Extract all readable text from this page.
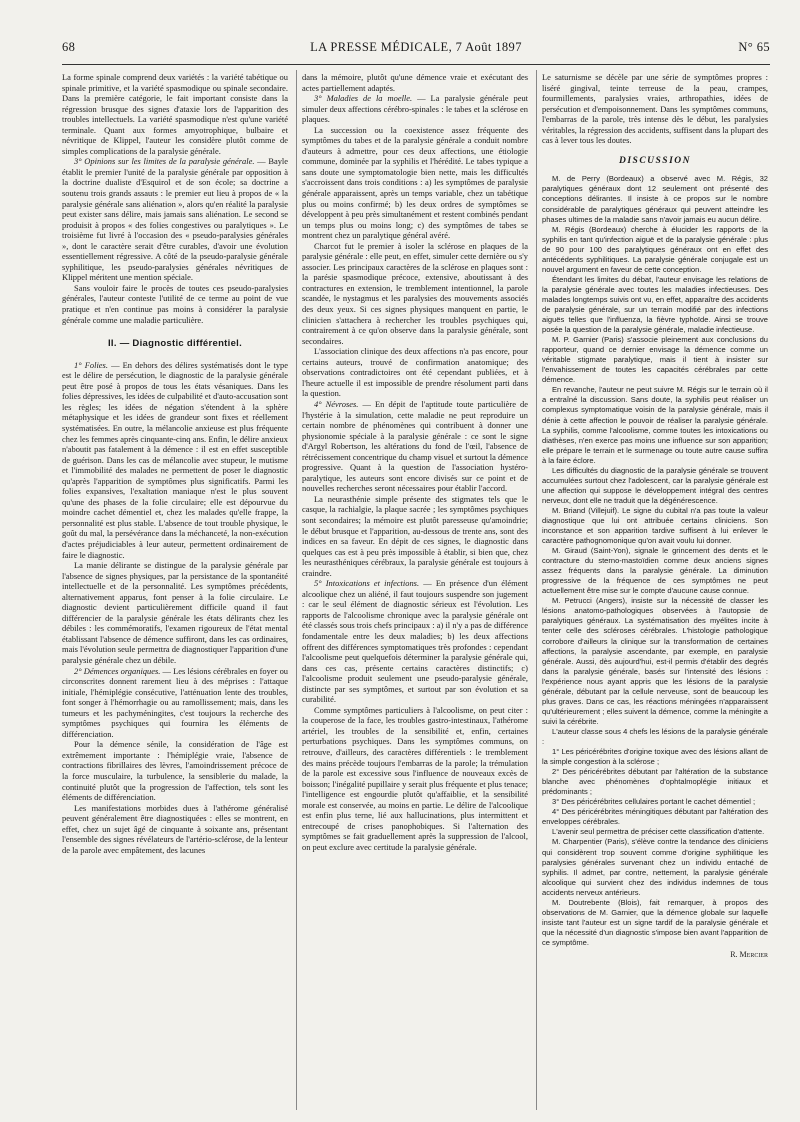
68	LA PRESSE MÉDICALE, 7 Août 1897	N° 65

La forme spinale comprend deux variétés : la variété tabétique ou spinale primitive, et la variété spasmodique ou spinale secondaire. Dans la première catégorie, le fait important consiste dans la régression brusque des signes d'ataxie lors de l'apparition des troubles intellectuels. La variété spasmodique n'est qu'une variété terminale. Quant aux formes amyotrophique, bulbaire et névritique de Klippel, l'auteur les considère plutôt comme de simples complications de la paralysie générale.

3° Opinions sur les limites de la paralysie générale. — Bayle établit le premier l'unité de la paralysie générale par opposition à la doctrine dualiste d'Esquirol et de son école; sa doctrine a soutenu trois grands assauts : le premier eut lieu à propos de « la paralysie générale sans aliénation », alors qu'en réalité la paralysie peut exister sans délire, mais jamais sans aliénation. Le second se produisit à propos « des folies congestives ou paralytiques ». Le troisième fut livré à l'occasion des « pseudo-paralysies générales », dont le caractère serait d'être curables, d'avoir une évolution essentiellement régressive. A côté de la pseudo-paralysie générale syphilitique, les pseudo-paralysies générales névritiques de Klippel méritent une mention spéciale.

Sans vouloir faire le procès de toutes ces pseudo-paralysies générales, l'auteur conteste l'utilité de ce terme au point de vue pratique et n'en continue pas moins à considérer la paralysie générale comme une maladie particulière.

II. — Diagnostic différentiel.

1° Folies. — En dehors des délires systématisés dont le type est le délire de persécution, le diagnostic de la paralysie générale peut être posé à propos de tous les états vésaniques. Dans les folies dépressives, les idées de culpabilité et d'auto-accusation sont les règles; les idées de négation s'étendent à la sphère métaphysique et les idées de grandeur sont fixes et réellement systématisées. En outre, la mélancolie anxieuse est plus fréquente chez les femmes après cinquante-cinq ans. Enfin, le délire anxieux n'aboutit pas fatalement à la démence : il est en effet susceptible de guérison. Dans les cas de mélancolie avec stupeur, le mutisme et l'immobilité des malades ne permettent de poser le diagnostic qu'après l'apparition de symptômes plus significatifs. Parmi les folies expansives, l'exaltation maniaque n'est le plus souvent qu'une des phases de la folie circulaire; elle est dépourvue du moindre cachet démentiel et, chez les malades qu'elle frappe, la personnalité est plus stable. L'absence de tout trouble physique, le goût du mal, la persévérance dans la méchanceté, la non-exécution d'actes préjudiciables à leur auteur, permettent ordinairement de faire le diagnostic.

La manie délirante se distingue de la paralysie générale par l'absence de signes physiques, par la persistance de la spontanéité intellectuelle et de la personnalité. Les symptômes précédents, alternativement apparus, font penser à la folie circulaire. Le diagnostic devient particulièrement difficile quand il faut différencier de la paralysie générale les états délirants chez les débiles : les commémoratifs, l'examen rigoureux de l'état mental établissant l'absence de démence suffiront, dans les cas ordinaires, mais l'évolution seule permettra de diagnostiquer l'apparition d'une paralysie générale chez un débile.

2° Démences organiques. — Les lésions cérébrales en foyer ou circonscrites donnent rarement lieu à des méprises : l'attaque initiale, l'hémiplégie consécutive, l'atténuation lente des troubles, font songer à l'hémorrhagie ou au ramollissement; mais, dans les tumeurs et les pachyméningites, c'est toujours la recherche des symptômes psychiques qui fournira les éléments de différenciation.

Pour la démence sénile, la considération de l'âge est extrêmement importante : l'hémiplégie vraie, l'absence de contractions fibrillaires des lèvres, l'amoindrissement précoce de la force musculaire, la turbulence, la sensiblerie du malade, la continuité plutôt que la progression de l'affection, tels sont les éléments de différenciation.

Les manifestations morbides dues à l'athérome généralisé peuvent généralement être diagnostiquées : elles se montrent, en effet, chez un sujet âgé de cinquante à soixante ans, présentant l'ensemble des signes révélateurs de l'artério-sclérose, de la lenteur de la parole avec empâtement, des lacunes

dans la mémoire, plutôt qu'une démence vraie et exécutant des actes partiellement adaptés.

3° Maladies de la moelle. — La paralysie générale peut simuler deux affections cérébro-spinales : le tabes et la sclérose en plaques.

La succession ou la coexistence assez fréquente des symptômes du tabes et de la paralysie générale a conduit nombre d'auteurs à admettre, pour ces deux affections, une étiologie commune, dominée par la syphilis et l'hérédité. Le tabes typique a sans doute une symptomatologie bien nette, mais les difficultés s'accroissent dans trois conditions : a) les symptômes de paralysie générale apparaissent, après un temps variable, chez un tabétique plus ou moins confirmé; b) les deux ordres de symptômes se développent à peu près simultanément et restent combinés pendant un temps plus ou moins long; c) des symptômes de tabes se montrent chez un paralytique général avéré.

Charcot fut le premier à isoler la sclérose en plaques de la paralysie générale : elle peut, en effet, simuler cette dernière ou s'y associer. Les principaux caractères de la sclérose en plaques sont : la parésie spasmodique précoce, extensive, aboutissant à des contractures en extension, le tremblement intentionnel, la parole scandée, le nystagmus et les paralysies des mouvements associés des deux yeux. Si ces signes physiques manquent en partie, le clinicien s'attachera à rechercher les troubles psychiques qui, contrairement à ce qu'on observe dans la paralysie générale, sont secondaires.

L'association clinique des deux affections n'a pas encore, pour certains auteurs, trouvé de confirmation anatomique; des observations contradictoires ont été cependant publiées, et à l'heure actuelle il est impossible de prendre résolument parti dans la question.

4° Névroses. — En dépit de l'aptitude toute particulière de l'hystérie à la simulation, cette maladie ne peut reproduire un certain nombre de phénomènes qui contribuent à donner une physionomie spéciale à la paralysie générale : ce sont le signe d'Argyl Robertson, les altérations du fond de l'œil, l'absence de rétrécissement concentrique du champ visuel et surtout la démence progressive. Quant à la question de l'association hystéro-paralytique, les auteurs sont encore divisés sur ce point et de nouvelles recherches seront nécessaires pour établir l'accord.

La neurasthénie simple présente des stigmates tels que le casque, la rachialgie, la plaque sacrée ; les symptômes psychiques sont secondaires; la mémoire est plutôt paresseuse qu'amoindrie; le début brusque et l'apparition, au-dessous de trente ans, sont des indices en sa faveur. En dépit de ces signes, le diagnostic dans quelques cas est à peu près impossible à établir, si bien que, chez les neurasthéniques cérébraux, la paralysie générale est toujours à craindre.

5° Intoxications et infections. — En présence d'un élément alcoolique chez un aliéné, il faut toujours suspendre son jugement : car le seul élément de diagnostic sérieux est l'évolution. Les rapports de l'alcoolisme chronique avec la paralysie générale ont été classés sous trois chefs principaux : a) il n'y a pas de différence fondamentale entre les deux maladies; b) les deux affections offrent des différences symptomatiques très profondes : cependant l'alcoolisme peut quelquefois déterminer la paralysie générale qui, dans ces cas, présente certains caractères distinctifs; c) l'alcoolisme produit seulement une pseudo-paralysie générale, distincte par ses symptômes, et surtout par son évolution et sa curabilité.

Comme symptômes particuliers à l'alcoolisme, on peut citer : la couperose de la face, les troubles gastro-intestinaux, l'athérome artériel, les troubles de la sensibilité et, enfin, certaines perturbations psychiques. Dans les symptômes communs, on retrouve, d'ailleurs, des caractères différentiels : le tremblement des mains précède toujours l'embarras de la parole; la trémulation de la parole est excessive sous l'influence de nouveaux excès de boisson; l'inégalité pupillaire y serait plus fréquente et plus tenace; l'intelligence est engourdie plutôt qu'affaiblie, et la sensibilité morale est conservée, au moins en partie. Le délire de l'alcoolique est enfin plus terne, lié aux hallucinations, plus intermittent et entrecoupé de crises panophobiques. Si l'alternation des symptômes se fait graduellement après la suppression de l'alcool, on peut exclure avec certitude la paralysie générale.

Le saturnisme se décèle par une série de symptômes propres : liséré gingival, teinte terreuse de la peau, crampes, fourmillements, paralysies vraies, arthropathies, idées de persécution et d'empoisonnement. Dans les symptômes communs, l'embarras de la parole, très intense dès le début, les paralysies véritables, la régression des accidents, suffisent dans la plupart des cas à lever tous les doutes.

DISCUSSION

M. de Perry (Bordeaux) a observé avec M. Régis, 32 paralytiques généraux dont 12 seulement ont présenté des conceptions délirantes. Il insiste à ce propos sur le nombre considérable de paralytiques généraux qui peuvent atteindre les phases ultimes de la maladie sans n'avoir jamais eu aucun délire.

M. Régis (Bordeaux) cherche à élucider les rapports de la syphilis en tant qu'infection aiguë et de la paralysie générale : plus de 90 pour 100 des paralytiques généraux ont en effet des antécédents syphilitiques. La paralysie générale conjugale est un nouvel argument en faveur de cette conception.

Étendant les limites du débat, l'auteur envisage les relations de la paralysie générale avec toutes les maladies infectieuses. Des malades longtemps suivis ont vu, en effet, apparaître des accidents de paralysie générale, sur un terrain modifié par des infections aiguës telles que l'influenza, la fièvre typhoïde. Ainsi se trouve posée la question de la paralysie générale, maladie infectieuse.

M. P. Garnier (Paris) s'associe pleinement aux conclusions du rapporteur, quand ce dernier envisage la démence comme un véritable stigmate paralytique, mais il tient à insister sur l'envahissement de toutes les capacités cérébrales par cette démence.

En revanche, l'auteur ne peut suivre M. Régis sur le terrain où il a entraîné la discussion. Sans doute, la syphilis peut réaliser un complexus symptomatique voisin de la paralysie générale, mais il dénie à cette affection le pouvoir de réaliser la paralysie générale. La syphilis, comme l'alcoolisme, comme toutes les intoxications ou diathèses, n'en exerce pas moins une influence sur son apparition; elle prépare le terrain et le surmenage ou toute autre cause suffira à la faire éclore.

Les difficultés du diagnostic de la paralysie générale se trouvent accumulées surtout chez l'adolescent, car la paralysie générale est une affection qui suppose le développement intégral des centres nerveux, dont elle ne traduit que la dégénérescence.

M. Briand (Villejuif). Le signe du cubital n'a pas toute la valeur diagnostique que lui ont attribuée certains cliniciens. Son inconstance et son apparition tardive suffisent à lui enlever le caractère pathognomonique qu'on avait voulu lui donner.

M. Giraud (Saint-Yon), signale le grincement des dents et le contracture du sterno-mastoïdien comme deux anciens signes assez fréquents dans la paralysie générale. La diminution progressive de la fréquence de ces symptômes ne peut actuellement être mise sur le compte d'aucune cause connue.

M. Petrucci (Angers), insiste sur la nécessité de classer les lésions anatomo-pathologiques observées à l'autopsie de paralytiques généraux. La systématisation des myélites incite à tenter celle des scléroses cérébrales. L'histologie pathologique corrobore d'ailleurs la clinique sur la transformation de certaines affections, la paralysie ascendante, par exemple, en paralysie générale. Aussi, dès aujourd'hui, est-il permis d'établir des degrés dans la paralysie générale, basés sur l'intensité des lésions : l'expérience nous ayant appris que les lésions de la paralysie générale, débutant par la cellule nerveuse, sont de beaucoup les plus graves. Dans ce cas, les réactions méningées n'apparaissent qu'ultérieurement ; elles suivent la démence, comme la méningite a suivi la cérébrite.

L'auteur classe sous 4 chefs les lésions de la paralysie générale :

1° Les péricérébrites d'origine toxique avec des lésions allant de la simple congestion à la sclérose ;

2° Des péricérébrites débutant par l'altération de la substance blanche avec phénomènes d'ophtalmoplégie initiaux et prédominants ;

3° Des péricérébrites cellulaires portant le cachet démentiel ;

4° Des péricérébrites méningitiques débutant par l'altération des enveloppes cérébrales.

L'avenir seul permettra de préciser cette classification d'attente.

M. Charpentier (Paris), s'élève contre la tendance des cliniciens qui considèrent trop souvent comme d'origine syphilitique les paralysies générales survenant chez un individu entaché de syphilis. Il admet, par contre, nettement, la paralysie générale alcoolique qui survient chez des individus indemnes de tous accidents nerveux antérieurs.

M. Doutrebente (Blois), fait remarquer, à propos des observations de M. Garnier, que la démence globale sur laquelle insiste tant l'auteur est un signe tardif de la paralysie générale et que la nécessité d'un diagnostic s'impose bien avant l'apparition de ce symptôme.

R. Mercier
